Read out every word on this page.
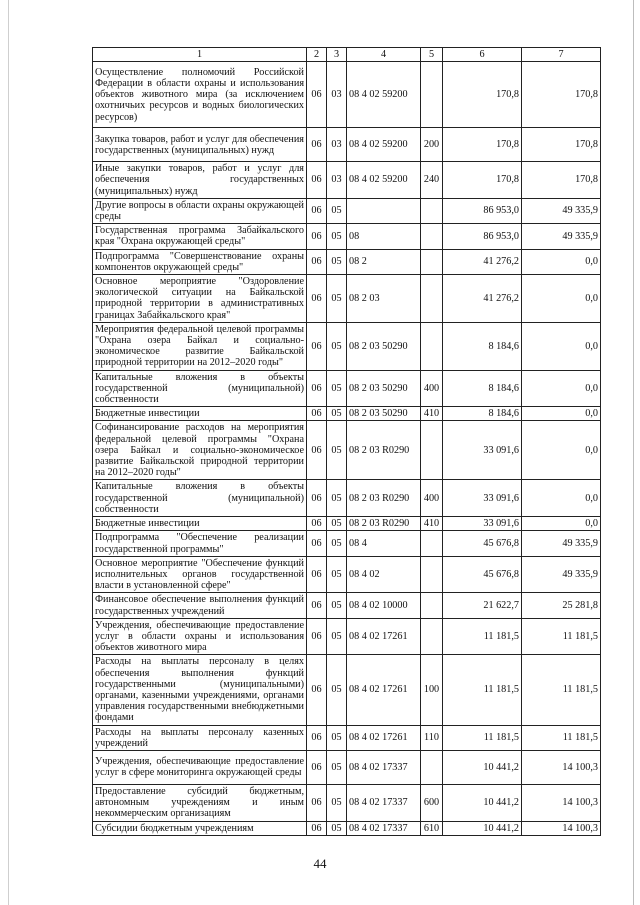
1	2	3	4	5	6	7
Осуществление полномочий Российской Федерации в области охраны и использования объектов животного мира (за исключением охотничьих ресурсов и водных биологических ресурсов)	06	03	08 4 02 59200		170,8	170,8
Закупка товаров, работ и услуг для обеспечения государственных (муниципальных) нужд	06	03	08 4 02 59200	200	170,8	170,8
Иные закупки товаров, работ и услуг для обеспечения государственных (муниципальных) нужд	06	03	08 4 02 59200	240	170,8	170,8
Другие вопросы в области охраны окружающей среды	06	05			86 953,0	49 335,9
Государственная программа Забайкальского края "Охрана окружающей среды"	06	05	08		86 953,0	49 335,9
Подпрограмма "Совершенствование охраны компонентов окружающей среды"	06	05	08 2		41 276,2	0,0
Основное мероприятие "Оздоровление экологической ситуации на Байкальской природной территории в административных границах Забайкальского края"	06	05	08 2 03		41 276,2	0,0
Мероприятия федеральной целевой программы "Охрана озера Байкал и социально-экономическое развитие Байкальской природной территории на 2012–2020 годы"	06	05	08 2 03 50290		8 184,6	0,0
Капитальные вложения в объекты государственной (муниципальной) собственности	06	05	08 2 03 50290	400	8 184,6	0,0
Бюджетные инвестиции	06	05	08 2 03 50290	410	8 184,6	0,0
Софинансирование расходов на мероприятия федеральной целевой программы "Охрана озера Байкал и социально-экономическое развитие Байкальской природной территории на 2012–2020 годы"	06	05	08 2 03 R0290		33 091,6	0,0
Капитальные вложения в объекты государственной (муниципальной) собственности	06	05	08 2 03 R0290	400	33 091,6	0,0
Бюджетные инвестиции	06	05	08 2 03 R0290	410	33 091,6	0,0
Подпрограмма "Обеспечение реализации государственной программы"	06	05	08 4		45 676,8	49 335,9
Основное мероприятие "Обеспечение функций исполнительных органов государственной власти в установленной сфере"	06	05	08 4 02		45 676,8	49 335,9
Финансовое обеспечение выполнения функций государственных учреждений	06	05	08 4 02 10000		21 622,7	25 281,8
Учреждения, обеспечивающие предоставление услуг в области охраны и использования объектов животного мира	06	05	08 4 02 17261		11 181,5	11 181,5
Расходы на выплаты персоналу в целях обеспечения выполнения функций государственными (муниципальными) органами, казенными учреждениями, органами управления государственными внебюджетными фондами	06	05	08 4 02 17261	100	11 181,5	11 181,5
Расходы на выплаты персоналу казенных учреждений	06	05	08 4 02 17261	110	11 181,5	11 181,5
Учреждения, обеспечивающие предоставление услуг в сфере мониторинга окружающей среды	06	05	08 4 02 17337		10 441,2	14 100,3
Предоставление субсидий бюджетным, автономным учреждениям и иным некоммерческим организациям	06	05	08 4 02 17337	600	10 441,2	14 100,3
Субсидии бюджетным учреждениям	06	05	08 4 02 17337	610	10 441,2	14 100,3
44
